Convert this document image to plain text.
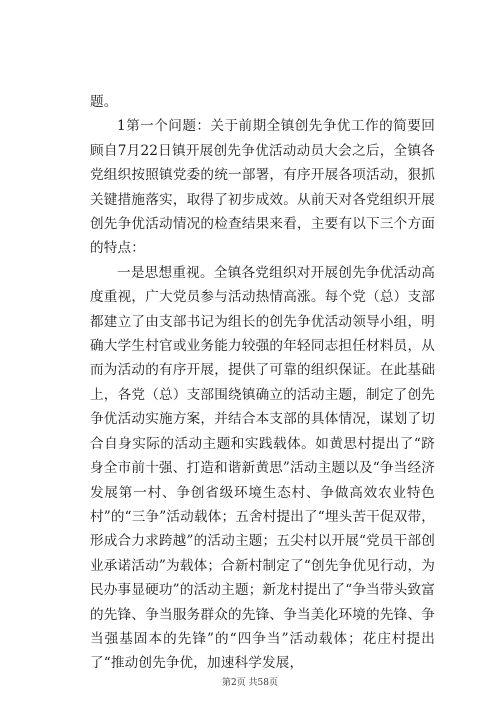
题。

1第一个问题：关于前期全镇创先争优工作的简要回顾自7月22日镇开展创先争优活动动员大会之后，全镇各党组织按照镇党委的统一部署，有序开展各项活动，狠抓关键措施落实，取得了初步成效。从前天对各党组织开展创先争优活动情况的检查结果来看，主要有以下三个方面的特点：

一是思想重视。全镇各党组织对开展创先争优活动高度重视，广大党员参与活动热情高涨。每个党（总）支部都建立了由支部书记为组长的创先争优活动领导小组，明确大学生村官或业务能力较强的年轻同志担任材料员，从而为活动的有序开展，提供了可靠的组织保证。在此基础上，各党（总）支部围绕镇确立的活动主题，制定了创先争优活动实施方案，并结合本支部的具体情况，谋划了切合自身实际的活动主题和实践载体。如黄思村提出了“跻身全市前十强、打造和谐新黄思”活动主题以及“争当经济发展第一村、争创省级环境生态村、争做高效农业特色村”的“三争”活动载体；五舍村提出了“埋头苦干促双带，形成合力求跨越”的活动主题；五尖村以开展“党员干部创业承诺活动”为载体；合新村制定了“创先争优见行动，为民办事显硬功”的活动主题；新龙村提出了“争当带头致富的先锋、争当服务群众的先锋、争当美化环境的先锋、争当强基固本的先锋”的“四争当”活动载体；花庄村提出了“推动创先争优，加速科学发展，

第2页 共58页
